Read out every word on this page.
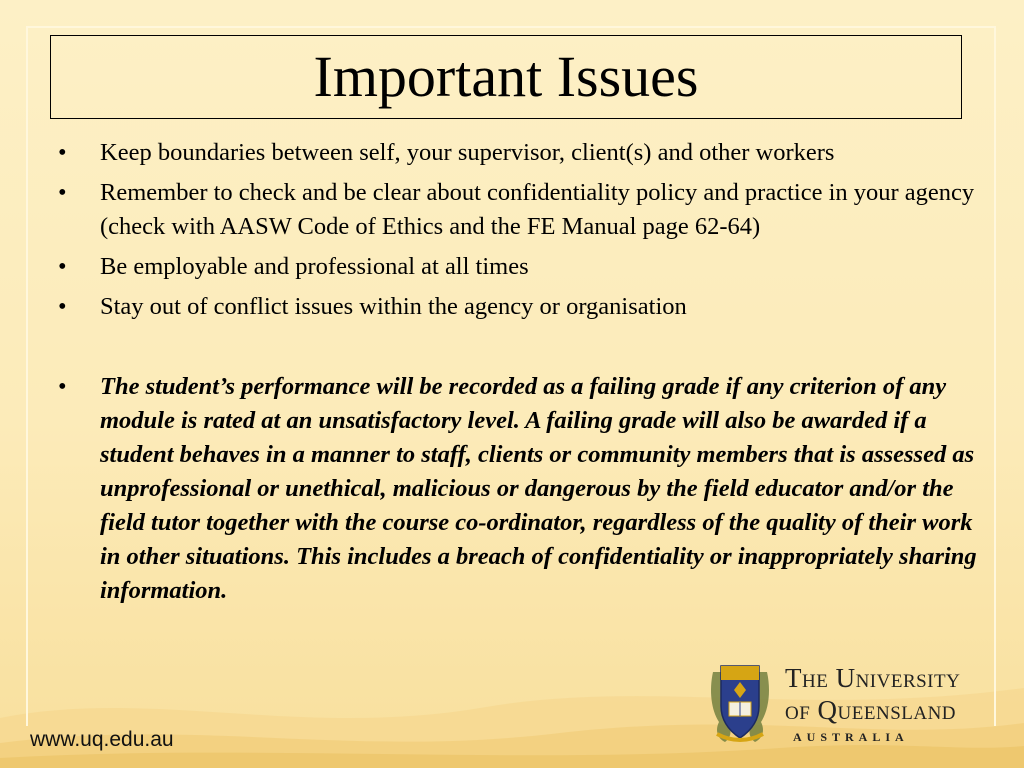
Important Issues
•	Keep boundaries between self, your supervisor, client(s) and other workers
•	Remember to check and be clear about confidentiality policy and practice in your agency (check with AASW Code of Ethics and the FE Manual page 62-64)
•	Be employable and professional at all times
•	Stay out of conflict issues within the agency or organisation
•	The student’s performance will be recorded as a failing grade if any criterion of any module is rated at an unsatisfactory level. A failing grade will also be awarded if a student behaves in a manner to staff, clients or community members that is assessed as unprofessional or unethical, malicious or dangerous by the field educator and/or the field tutor together with the course co-ordinator, regardless of the quality of their work in other situations. This includes a breach of confidentiality or inappropriately sharing information.
www.uq.edu.au
The University
of Queensland
AUSTRALIA
